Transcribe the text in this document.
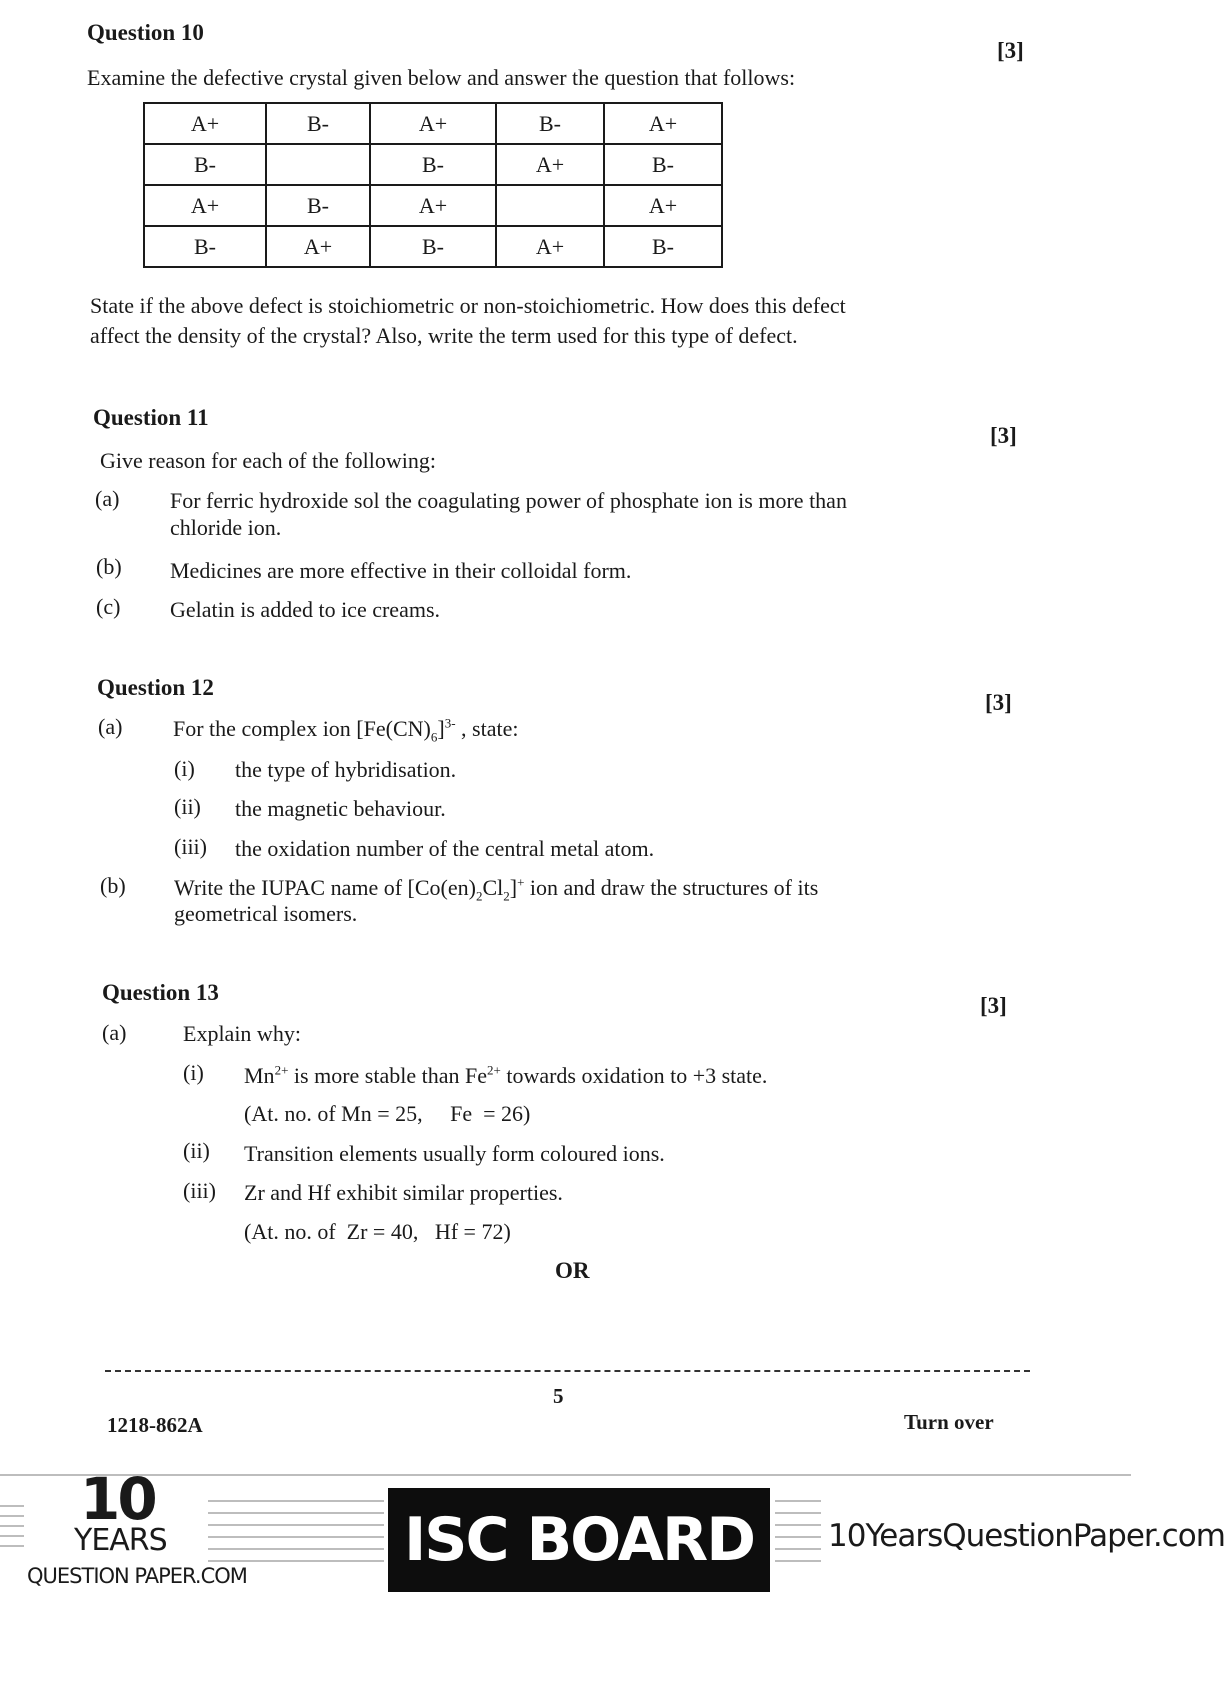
Question 10
[3]
Examine the defective crystal given below and answer the question that follows:
A+	B-	A+	B-	A+
B-		B-	A+	B-
A+	B-	A+		A+
B-	A+	B-	A+	B-
State if the above defect is stoichiometric or non-stoichiometric. How does this defect
affect the density of the crystal? Also, write the term used for this type of defect.
Question 11
[3]
Give reason for each of the following:
(a) For ferric hydroxide sol the coagulating power of phosphate ion is more than
chloride ion.
(b) Medicines are more effective in their colloidal form.
(c) Gelatin is added to ice creams.
Question 12
[3]
(a) For the complex ion $[Fe(CN)_6]^{3-}$ , state:
(i) the type of hybridisation.
(ii) the magnetic behaviour.
(iii) the oxidation number of the central metal atom.
(b) Write the IUPAC name of $[Co(en)_2Cl_2]^+$ ion and draw the structures of its
geometrical isomers.
Question 13
[3]
(a)	Explain why:
(i) $Mn^{2+}$ is more stable than $Fe^{2+}$ towards oxidation to +3 state.
(At. no. of Mn = 25,     Fe  = 26)
(ii) Transition elements usually form coloured ions.
(iii) Zr and Hf exhibit similar properties.
(At. no. of  Zr = 40,   Hf = 72)
OR
5
1218-862A	Turn over
10
YEARS
QUESTION PAPER.COM
ISC BOARD XII
10YearsQuestionPaper.com
